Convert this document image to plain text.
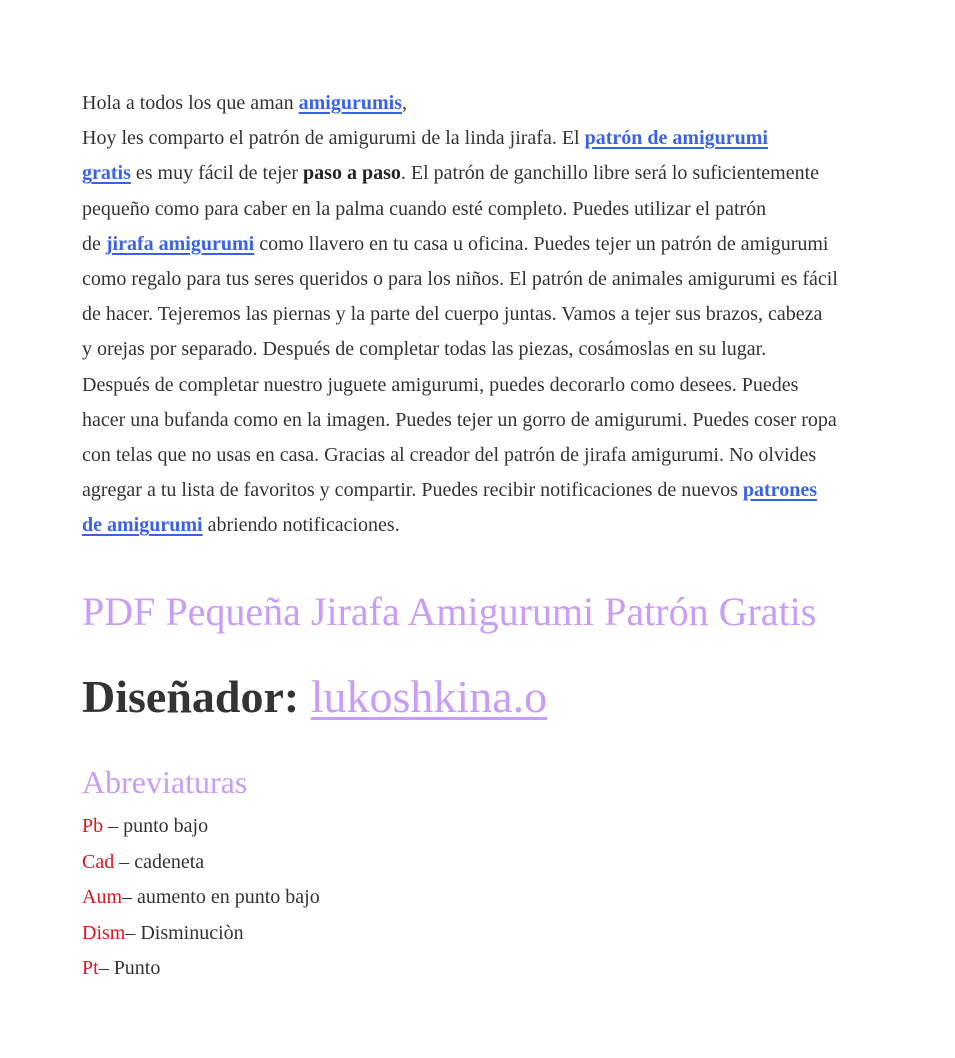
Hola a todos los que aman amigurumis,
Hoy les comparto el patrón de amigurumi de la linda jirafa. El patrón de amigurumi
gratis es muy fácil de tejer paso a paso. El patrón de ganchillo libre será lo suficientemente
pequeño como para caber en la palma cuando esté completo. Puedes utilizar el patrón
de jirafa amigurumi como llavero en tu casa u oficina. Puedes tejer un patrón de amigurumi
como regalo para tus seres queridos o para los niños. El patrón de animales amigurumi es fácil
de hacer. Tejeremos las piernas y la parte del cuerpo juntas. Vamos a tejer sus brazos, cabeza
y orejas por separado. Después de completar todas las piezas, cosámoslas en su lugar.
Después de completar nuestro juguete amigurumi, puedes decorarlo como desees. Puedes
hacer una bufanda como en la imagen. Puedes tejer un gorro de amigurumi. Puedes coser ropa
con telas que no usas en casa. Gracias al creador del patrón de jirafa amigurumi. No olvides
agregar a tu lista de favoritos y compartir. Puedes recibir notificaciones de nuevos patrones
de amigurumi abriendo notificaciones.
PDF Pequeña Jirafa Amigurumi Patrón Gratis
Diseñador: lukoshkina.o
Abreviaturas
Pb – punto bajo
Cad – cadeneta
Aum– aumento en punto bajo
Dism– Disminuciòn
Pt– Punto
